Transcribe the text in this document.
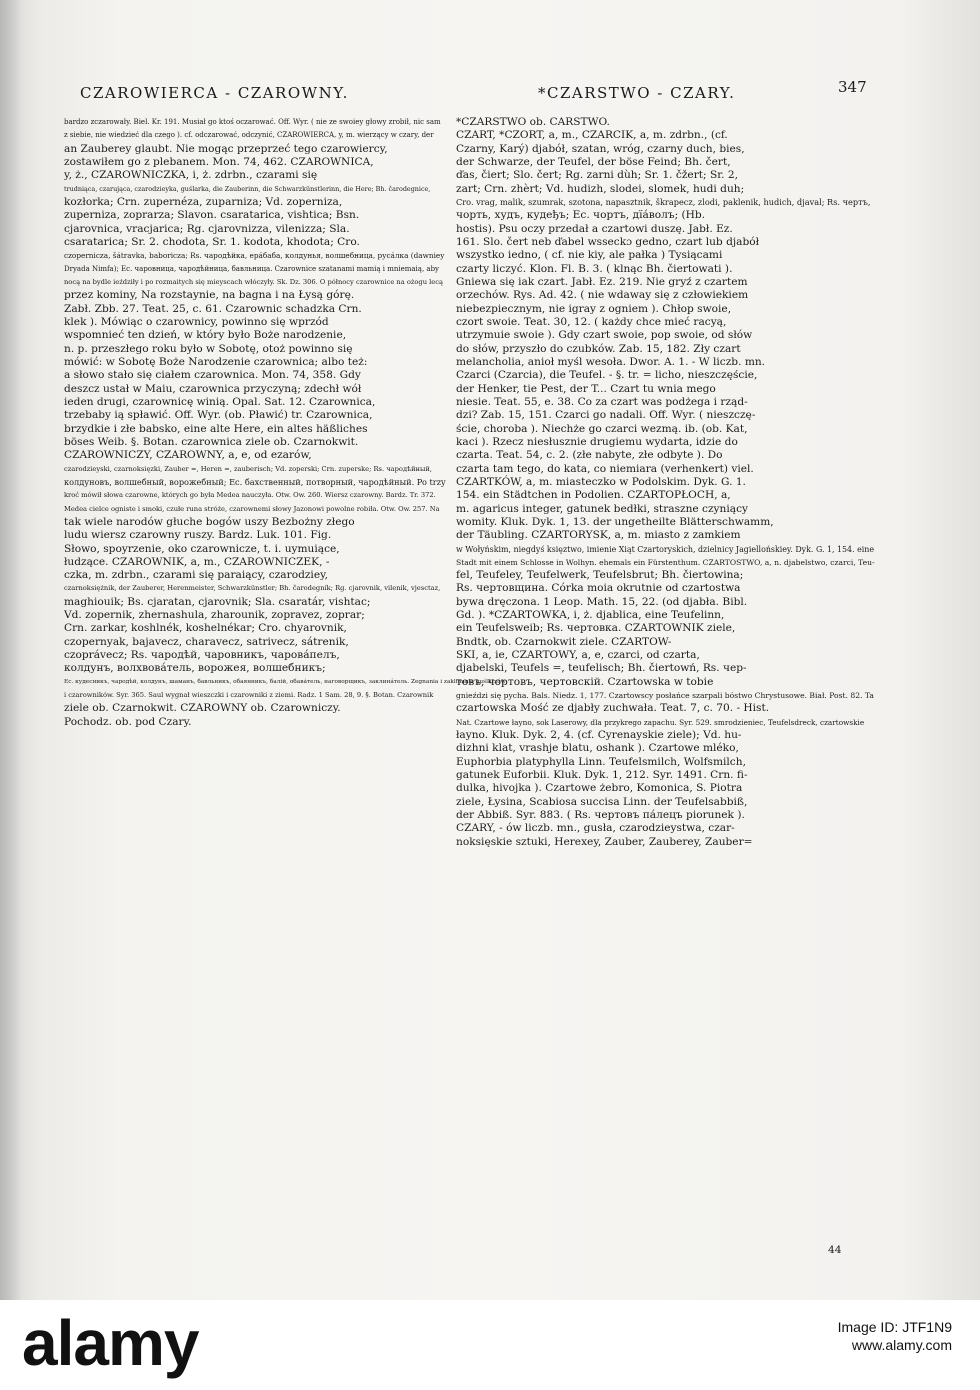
CZAROWIERCA - CZAROWNY.	*CZARSTWO - CZARY.	347

bardzo zczarowały. Biel. Kr. 191. Musiał go ktoś oczarować. Off. Wyr. ( nie ze swoiey głowy zrobił, nic sam

z siebie, nie wiedzieć dla czego ). cf. odczarować, odczynić, CZAROWIERCA, y, m. wierzący w czary, der

an Zauberey glaubt. Nie mogąc przeprzeć tego czarowiercy,

zostawiłem go z plebanem. Mon. 74, 462. CZAROWNICA,

y, ż., CZAROWNICZKA, i, ż. zdrbn., czarami się

trudniąca, czarująca, czarodzieyka, guślarka, die Zauberinn, die Schwarzkünstlerinn, die Here; Bh. čarodegnice,

kozłorka; Crn. zupernéza, zuparniza; Vd. zoperniza,

zuperniza, zoprarza; Slavon. csaratarica, vishtica; Bsn.

cjarovnica, vracjarica; Rg. cjarovnizza, vilenizza; Sla.

csaratarica; Sr. 2. chodota, Sr. 1. kodota, khodota; Cro.

czopernicza, šátravka, baboricza; Rs. чародѣйка, ерáбаба, колдунья, волшебница, русáлка (dawniey

Dryada Nimfa); Ec. чаровница, чародѣйница, бавльница. Czarownice szatanami mamią i mniemaią, aby

nocą na bydle ieździły i po rozmaitych się mieyscach włóczyły. Sk. Dz. 306. O północy czarownice na ożogu lecą

przez kominy, Na rozstaynie, na bagna i na Łysą górę.

Zabł. Zbb. 27. Teat. 25, c. 61. Czarownic schadzka Crn.

klek ). Mówiąc o czarownicy, powinno się wprzód

wspomnieć ten dzień, w który było Boże narodzenie,

n. p. przeszłego roku było w Sobotę, otoż powinno się

mówić: w Sobotę Boże Narodzenie czarownica; albo też:

a słowo stało się ciałem czarownica. Mon. 74, 358. Gdy

deszcz ustał w Maiu, czarownica przyczyną; zdechł wół

ieden drugi, czarownicę winią. Opal. Sat. 12. Czarownica,

trzebaby ią spławić. Off. Wyr. (ob. Pławić) tr. Czarownica,

brzydkie i złe babsko, eine alte Here, ein altes häßliches

böses Weib. §. Botan. czarownica ziele ob. Czarnokwit.

CZAROWNICZY, CZAROWNY, a, e, od ezarów,

czarodzieyski, czarnoksięzki, Zauber =, Heren =, zauberisch; Vd. zoperski; Crn. zuperske; Rs. чародѣйный,

колдуновъ, волшебный, ворожебный; Ec. бахственный, потворный, чародѣйный. Po trzy

kroć mówił słowa czarowne, których go była Medea nauczyła. Otw. Ow. 260. Wiersz czarowny. Bardz. Tr. 372.

Medea cielce ogniste i smoki, czułe runa stróże, czarownemi słowy Jazonowi powolne robiła. Otw. Ow. 257. Na

tak wiele narodów głuche bogów uszy Bezbożny złego

ludu wiersz czarowny ruszy. Bardz. Luk. 101. Fig.

Słowo, spoyrzenie, oko czarownicze, t. i. uymuiące,

łudzące. CZAROWNIK, a, m., CZAROWNICZEK, -

czka, m. zdrbn., czarami się paraiący, czarodziey,

czarnoksiężnik, der Zauberer, Herenmeister, Schwarzkünstler; Bh. čarodegník; Rg. cjarovnik, vilenik, vjesctaz,

maghiouik; Bs. cjaratan, cjarovnik; Sla. csaratár, vishtac;

Vd. zopernik, zhernashula, zharounik, zopravez, zoprar;

Crn. zarkar, koshlnék, koshelnékar; Cro. chyarovnik,

czopernyak, bajavecz, charavecz, satrivecz, sátrenik,

czoprávecz; Rs. чародѣй, чаровникъ, чаровáпелъ,

колдунъ, волхвовáтель, ворожея, волшебникъ;

Ec. кудесникъ, чародѣй, колдунъ, шаманъ, бавльникъ, обаянникъ, балій, обавáтель, наговорщикъ, заклинáтель. Zegnania i zaklinania guślarzów

i czarowników. Syr. 365. Saul wygnał wieszczki i czarowniki z ziemi. Radz. 1 Sam. 28, 9. §. Botan. Czarownik

ziele ob. Czarnokwit. CZAROWNY ob. Czarowniczy.

Pochodz. ob. pod Czary.

*CZARSTWO ob. CARSTWO.

CZART, *CZORT, a, m., CZARCIK, a, m. zdrbn., (cf.

Czarny, Karý) djabół, szatan, wróg, czarny duch, bies,

der Schwarze, der Teufel, der böse Feind; Bh. čert,

ďas, čiert; Slo. čert; Rg. zarni dùh; Sr. 1. čžert; Sr. 2,

zart; Crn. zhèrt; Vd. hudizh, slodei, slomek, hudi duh;

Cro. vrag, malik, szumrak, szotona, napasztnik, škrapecz, zlodi, paklenik, hudich, djaval; Rs. чертъ,

чорть, худъ, кудеђъ; Ec. чортъ, дїáволъ; (Hb.

hostis). Psu oczy przedał a czartowi duszę. Jabł. Ez.

161. Slo. čert neb ďabel wsseckɔ gedno, czart lub djabół

wszystko iedno, ( cf. nie kiy, ale pałka ) Tysiącami

czarty liczyć. Klon. Fl. B. 3. ( klnąc Bh. čiertowati ).

Gniewa się iak czart. Jabł. Ez. 219. Nie gryź z czartem

orzechów. Rys. Ad. 42. ( nie wdaway się z człowiekiem

niebezpiecznym, nie igray z ogniem ). Chłop swoie,

czort swoie. Teat. 30, 12. ( każdy chce mieć racyą,

utrzymuie swoie ). Gdy czart swoie, pop swoie, od słów

do słów, przyszło do czubków. Zab. 15, 182. Zły czart

melancholia, anioł myśl wesoła. Dwor. A. 1. - W liczb. mn.

Czarci (Czarcia), die Teufel. - §. tr. = licho, nieszczęście,

der Henker, tie Pest, der T... Czart tu wnia mego

niesie. Teat. 55, e. 38. Co za czart was podżega i rząd-

dzi? Zab. 15, 151. Czarci go nadali. Off. Wyr. ( nieszczę-

ście, choroba ). Niechże go czarci wezmą. ib. (ob. Kat,

kaci ). Rzecz niesłusznie drugiemu wydarta, idzie do

czarta. Teat. 54, c. 2. (złe nabyte, złe odbyte ). Do

czarta tam tego, do kata, co niemiara (verhenkert) viel.

CZARTKÓW, a, m. miasteczko w Podolskim. Dyk. G. 1.

154. ein Städtchen in Podolien. CZARTOPŁOCH, a,

m. agaricus integer, gatunek bedłki, straszne czyniący

womity. Kluk. Dyk. 1, 13. der ungetheilte Blätterschwamm,

der Täubling. CZARTORYSK, a, m. miasto z zamkiem

w Wołyńskim, niegdyś księztwo, imienie Xiąt Czartoryskich, dzielnicy Jagiellońskiey. Dyk. G. 1, 154. eine

Stadt mit einem Schlosse in Wolhyn. ehemals ein Fürstenthum. CZARTOSTWO, a, n. djabelstwo, czarci, Teu-

fel, Teufeley, Teufelwerk, Teufelsbrut; Bh. čiertowina;

Rs. чертовщина. Córka moia okrutnie od czartostwa

bywa dręczona. 1 Leop. Math. 15, 22. (od djabła. Bibl.

Gd. ). *CZARTOWKA, i, ż. djablica, eine Teufelinn,

ein Teufelsweib; Rs. чертовка. CZARTOWNIK ziele,

Bndtk, ob. Czarnokwit ziele. CZARTOW-

SKI, a, ie, CZARTOWY, a, e, czarci, od czarta,

djabelski, Teufels =, teufelisch; Bh. čiertowń, Rs. чер-

товъ, чортовъ, чертовскій. Czartowska w tobie

gnieździ się pycha. Bals. Niedz. 1, 177. Czartowscy posłańce szarpali bóstwo Chrystusowe. Biał. Post. 82. Ta

czartowska Mość ze djabły zuchwała. Teat. 7, c. 70. - Hist.

Nat. Czartowe łayno, sok Laserowy, dla przykrego zapachu. Syr. 529. smrodzieniec, Teufelsdreck, czartowskie

łayno. Kluk. Dyk. 2, 4. (cf. Cyrenayskie ziele); Vd. hu-

dizhni klat, vrashje blatu, oshank ). Czartowe mléko,

Euphorbia platyphylla Linn. Teufelsmilch, Wolfsmilch,

gatunek Euforbii. Kluk. Dyk. 1, 212. Syr. 1491. Crn. fi-

dulka, hivojka ). Czartowe żebro, Komonica, S. Piotra

ziele, Łysina, Scabiosa succisa Linn. der Teufelsabbiß,

der Abbiß. Syr. 883. ( Rs. чертовъ пáлецъ piorunek ).

CZARY, - ów liczb. mn., gusła, czarodzieystwa, czar-

noksięskie sztuki, Herexey, Zauber, Zauberey, Zauber=

44
alamy	Image ID: JTF1N9
www.alamy.com
